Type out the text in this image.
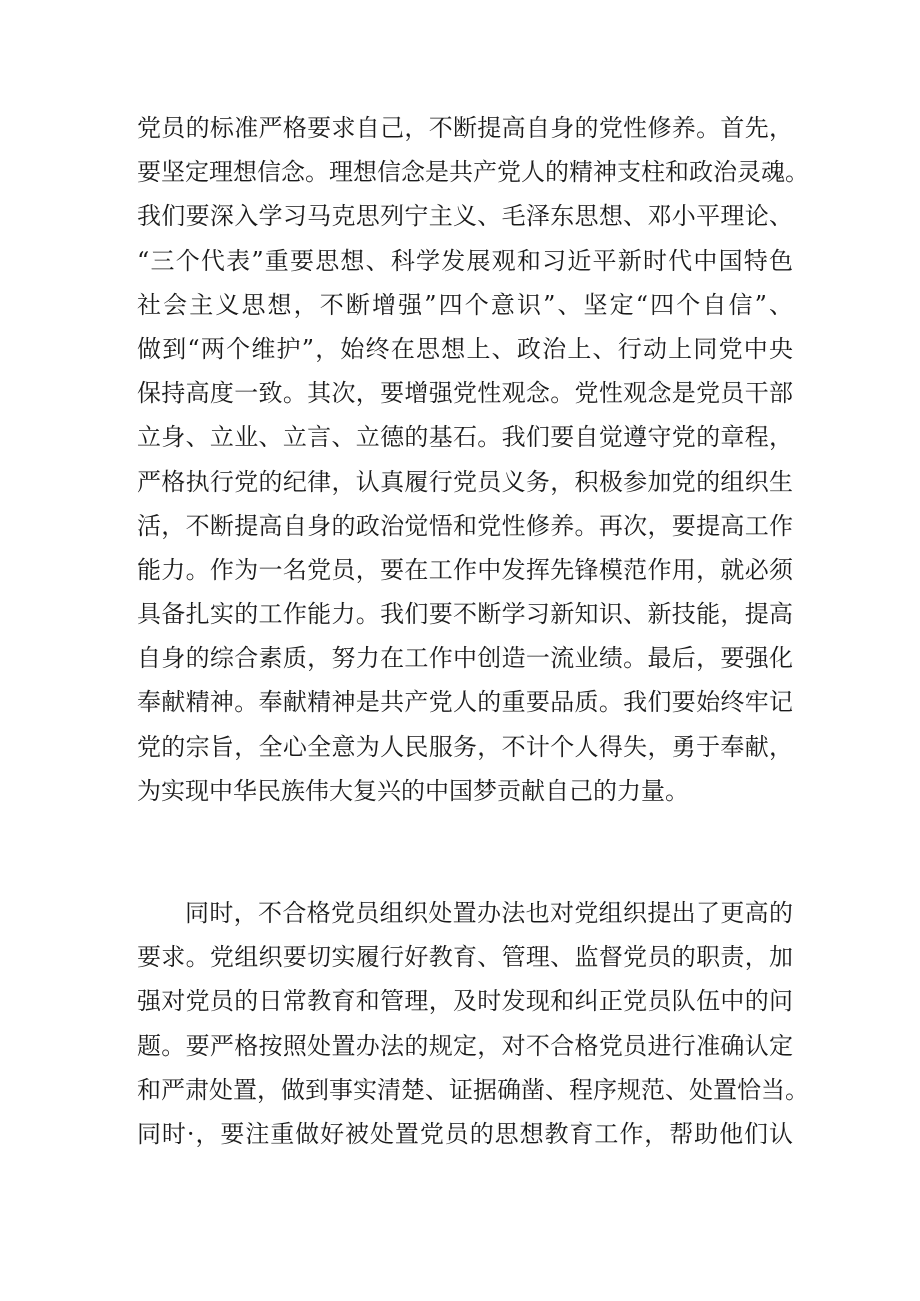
党员的标准严格要求自己，不断提高自身的党性修养。首先，
要坚定理想信念。理想信念是共产党人的精神支柱和政治灵魂。
我们要深入学习马克思列宁主义、毛泽东思想、邓小平理论、
“三个代表”重要思想、科学发展观和习近平新时代中国特色
社会主义思想，不断增强”四个意识”、坚定“四个自信”、
做到“两个维护”，始终在思想上、政治上、行动上同党中央
保持高度一致。其次，要增强党性观念。党性观念是党员干部
立身、立业、立言、立德的基石。我们要自觉遵守党的章程，
严格执行党的纪律，认真履行党员义务，积极参加党的组织生
活，不断提高自身的政治觉悟和党性修养。再次，要提高工作
能力。作为一名党员，要在工作中发挥先锋模范作用，就必须
具备扎实的工作能力。我们要不断学习新知识、新技能，提高
自身的综合素质，努力在工作中创造一流业绩。最后，要强化
奉献精神。奉献精神是共产党人的重要品质。我们要始终牢记
党的宗旨，全心全意为人民服务，不计个人得失，勇于奉献，
为实现中华民族伟大复兴的中国梦贡献自己的力量。
同时，不合格党员组织处置办法也对党组织提出了更高的
要求。党组织要切实履行好教育、管理、监督党员的职责，加
强对党员的日常教育和管理，及时发现和纠正党员队伍中的问
题。要严格按照处置办法的规定，对不合格党员进行准确认定
和严肃处置，做到事实清楚、证据确凿、程序规范、处置恰当。
同时·，要注重做好被处置党员的思想教育工作，帮助他们认
